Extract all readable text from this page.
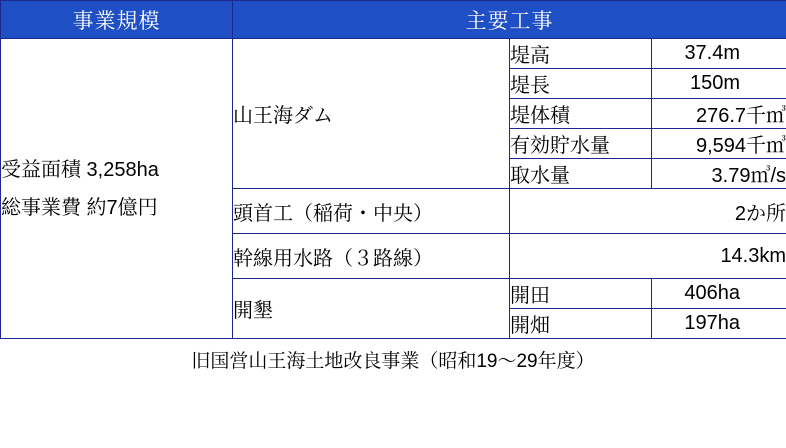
事業規模	主要工事		

受益面積 3,258ha
総事業費 約7億円	山王海ダム	堤高	37.4m
		堤長	150m
		堤体積	276.7千㎥
		有効貯水量	9,594千㎥
		取水量	3.79㎥/s
	頭首工（稲荷・中央）	2か所	
	幹線用水路（３路線）	14.3km	
	開墾	開田	406ha
		開畑	197ha
旧国営山王海土地改良事業（昭和19〜29年度）
